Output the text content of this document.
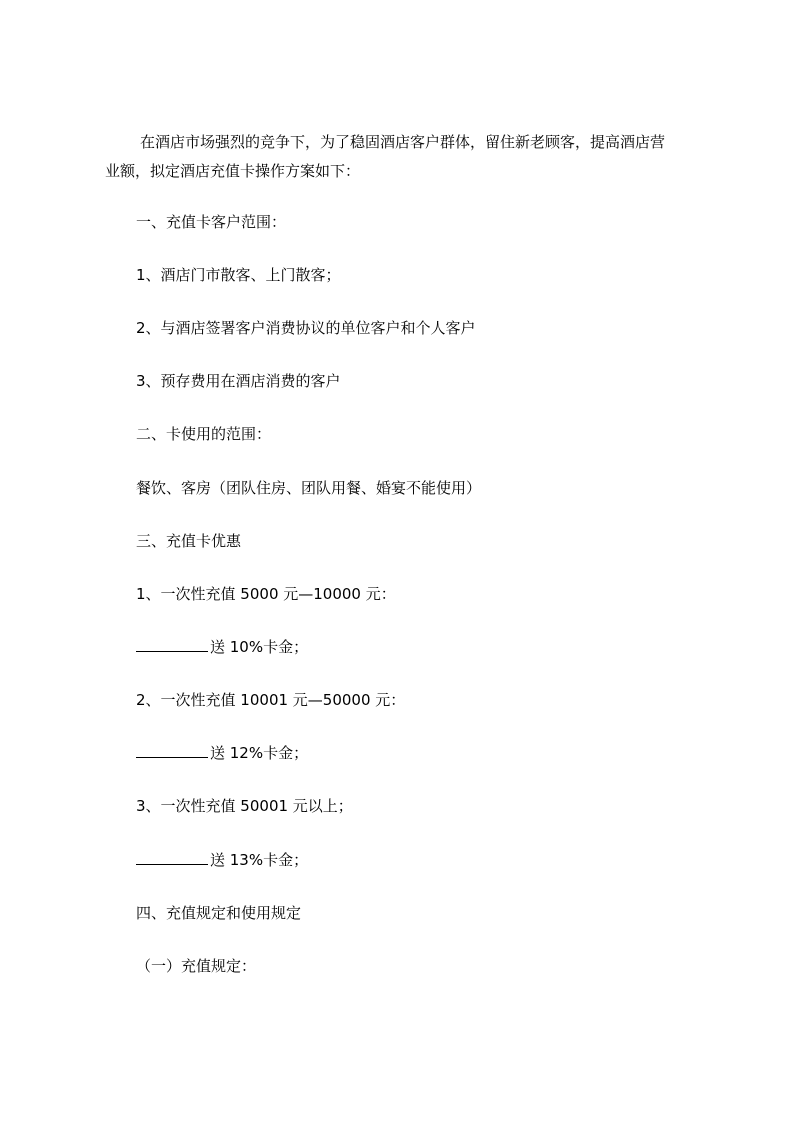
在酒店市场强烈的竞争下，为了稳固酒店客户群体，留住新老顾客，提高酒店营
业额，拟定酒店充值卡操作方案如下：

一、充值卡客户范围：

1、酒店门市散客、上门散客；

2、与酒店签署客户消费协议的单位客户和个人客户

3、预存费用在酒店消费的客户

二、卡使用的范围：

餐饮、客房（团队住房、团队用餐、婚宴不能使用）

三、充值卡优惠

1、一次性充值 5000 元—10000 元：

送 10%卡金；

2、一次性充值 10001 元—50000 元：

送 12%卡金；

3、一次性充值 50001 元以上；

送 13%卡金；

四、充值规定和使用规定

（一）充值规定：
